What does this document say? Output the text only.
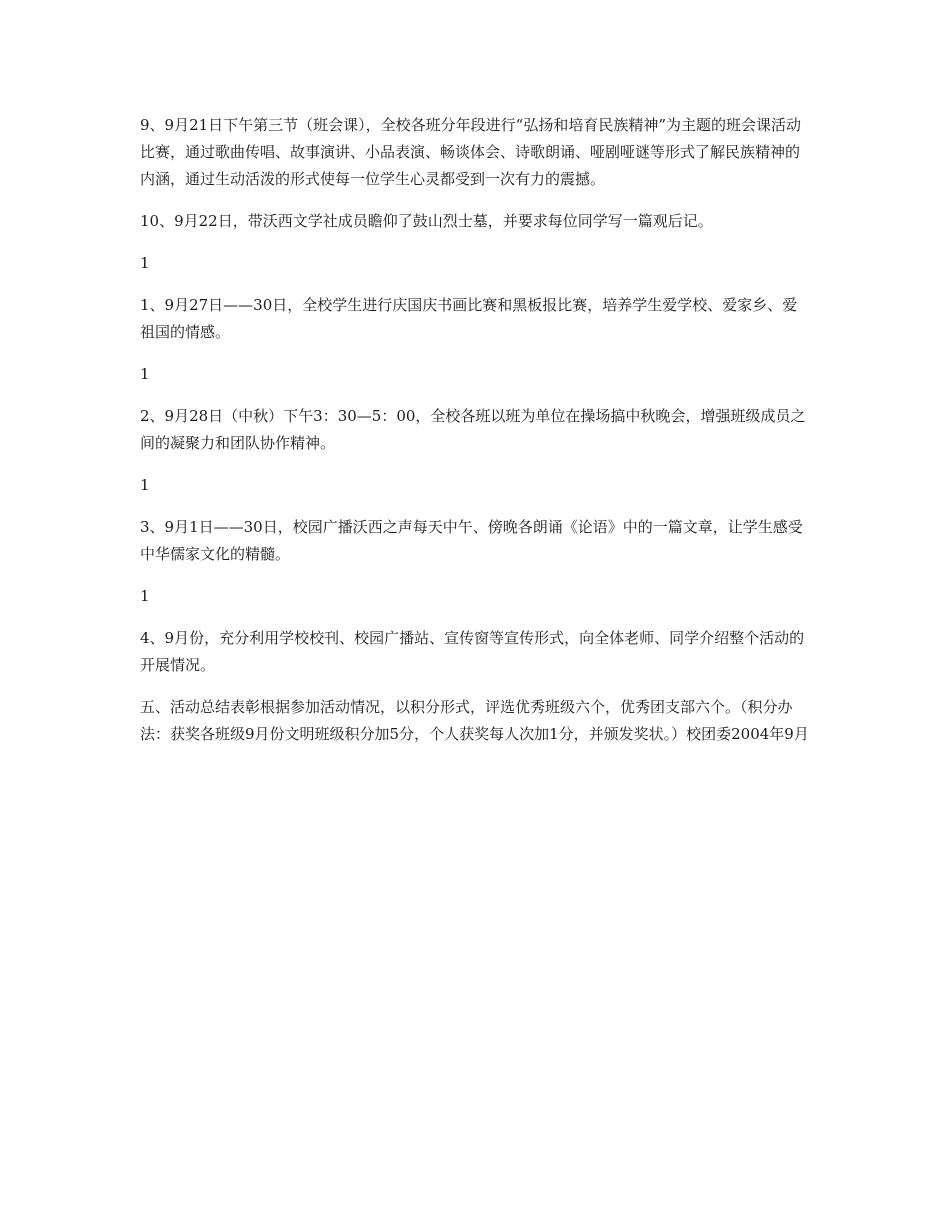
9、9月21日下午第三节（班会课），全校各班分年段进行“弘扬和培育民族精神”为主题的班会课活动比赛，通过歌曲传唱、故事演讲、小品表演、畅谈体会、诗歌朗诵、哑剧哑谜等形式了解民族精神的内涵，通过生动活泼的形式使每一位学生心灵都受到一次有力的震撼。

10、9月22日，带沃西文学社成员瞻仰了鼓山烈士墓，并要求每位同学写一篇观后记。

1

1、9月27日——30日，全校学生进行庆国庆书画比赛和黑板报比赛，培养学生爱学校、爱家乡、爱祖国的情感。

1

2、9月28日（中秋）下午3：30—5：00，全校各班以班为单位在操场搞中秋晚会，增强班级成员之间的凝聚力和团队协作精神。

1

3、9月1日——30日，校园广播沃西之声每天中午、傍晚各朗诵《论语》中的一篇文章，让学生感受中华儒家文化的精髓。

1

4、9月份，充分利用学校校刊、校园广播站、宣传窗等宣传形式，向全体老师、同学介绍整个活动的开展情况。

五、活动总结表彰根据参加活动情况，以积分形式，评选优秀班级六个，优秀团支部六个。（积分办法：获奖各班级9月份文明班级积分加5分，个人获奖每人次加1分，并颁发奖状。）校团委2004年9月
